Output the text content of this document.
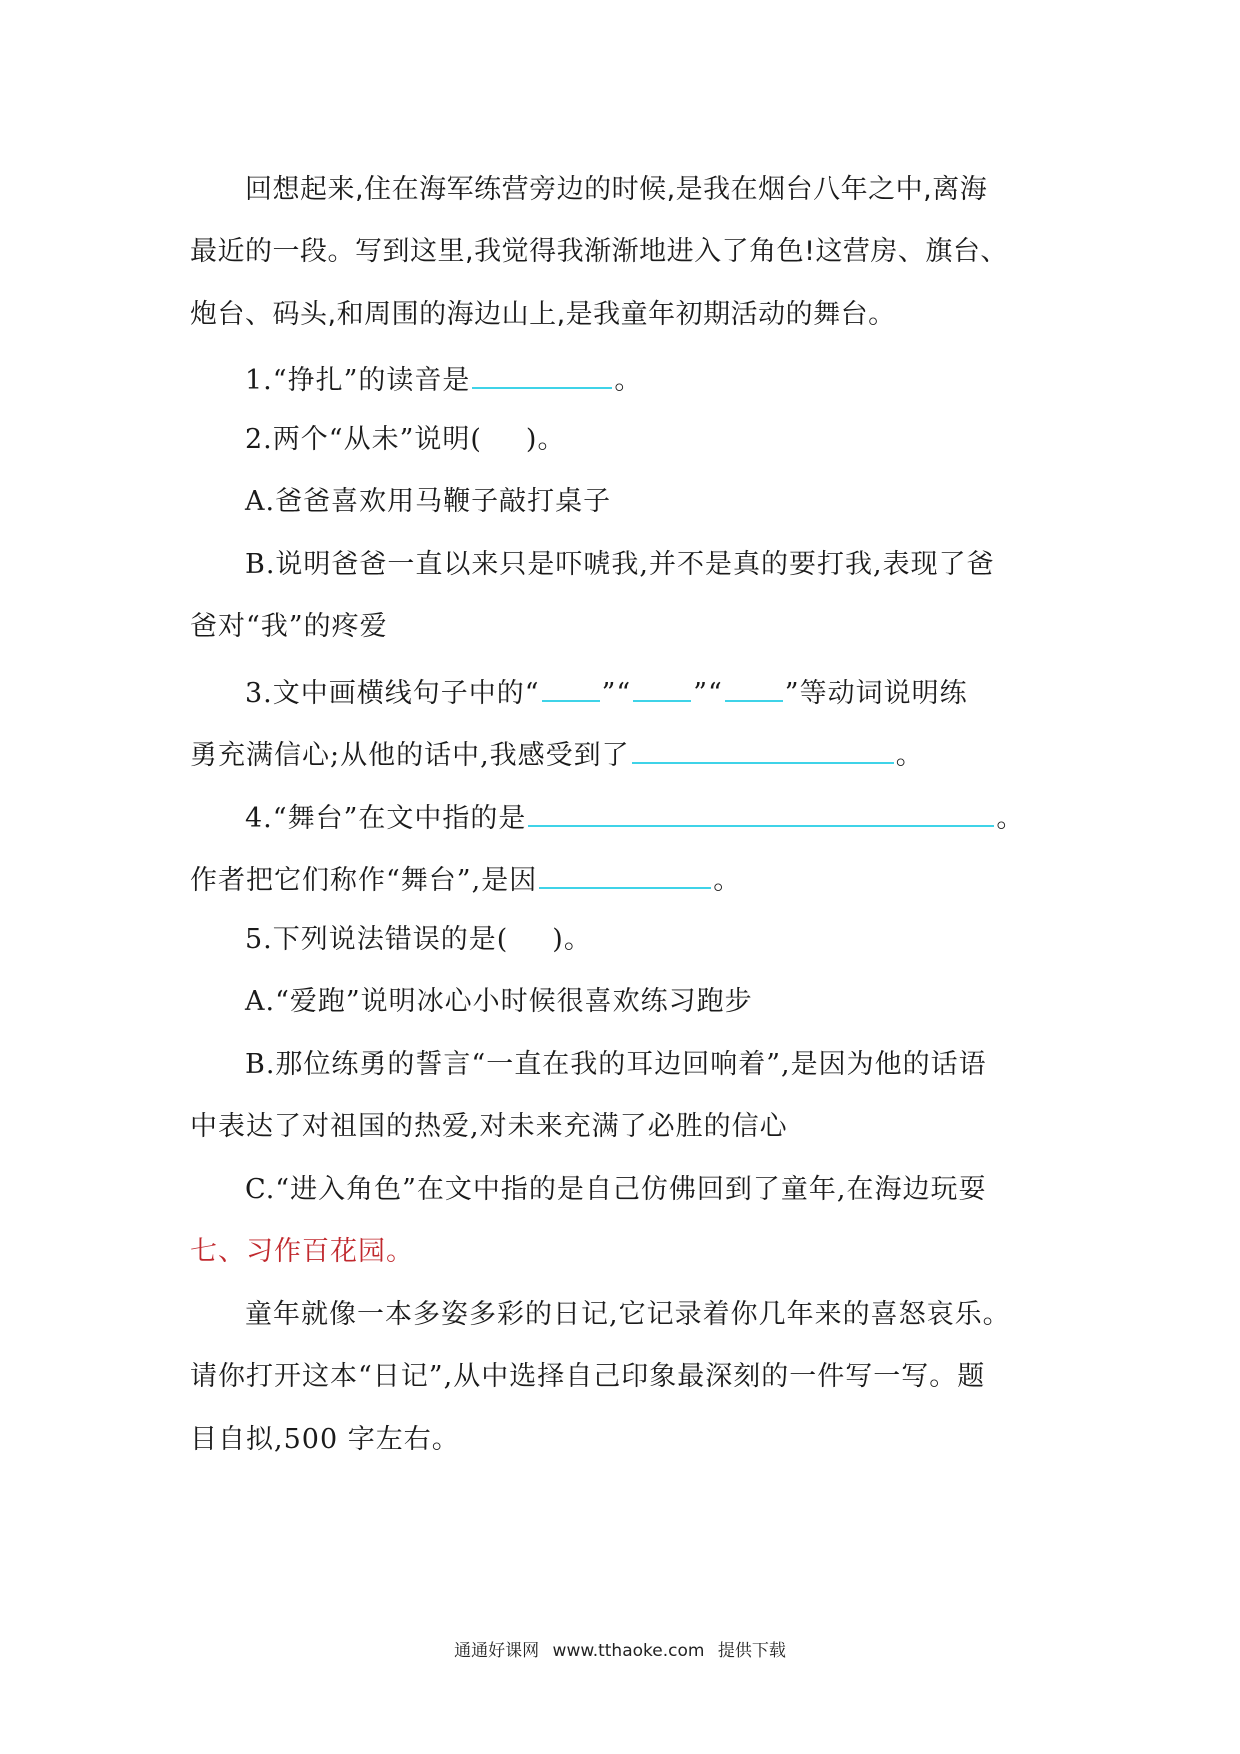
回想起来,住在海军练营旁边的时候,是我在烟台八年之中,离海
最近的一段。写到这里,我觉得我渐渐地进入了角色!这营房、旗台、
炮台、码头,和周围的海边山上,是我童年初期活动的舞台。
1.“挣扎”的读音是	。
2.两个“从未”说明( )。
A.爸爸喜欢用马鞭子敲打桌子
B.说明爸爸一直以来只是吓唬我,并不是真的要打我,表现了爸
爸对“我”的疼爱
3.文中画横线句子中的“ ”“ ”“ ”等动词说明练
勇充满信心;从他的话中,我感受到了	。
4.“舞台”在文中指的是	。
作者把它们称作“舞台”,是因	。
5.下列说法错误的是( )。
A.“爱跑”说明冰心小时候很喜欢练习跑步
B.那位练勇的誓言“一直在我的耳边回响着”,是因为他的话语
中表达了对祖国的热爱,对未来充满了必胜的信心
C.“进入角色”在文中指的是自己仿佛回到了童年,在海边玩耍
七、习作百花园。
童年就像一本多姿多彩的日记,它记录着你几年来的喜怒哀乐。
请你打开这本“日记”,从中选择自己印象最深刻的一件写一写。题
目自拟,500 字左右。
通通好课网 www.tthaoke.com 提供下载
